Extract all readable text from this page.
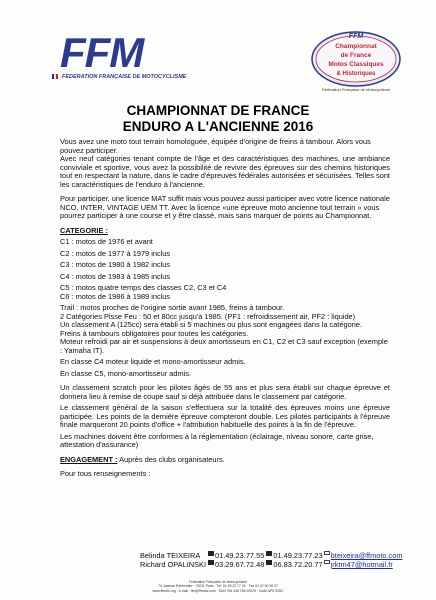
FFM
FEDERATION FRANÇAISE DE MOTOCYCLISME
FFM
Championnat
de France
Motos Classiques
& Historiques
Fédération Française de Motocyclisme
CHAMPIONNAT DE FRANCE
ENDURO A L'ANCIENNE 2016

Vous avez une moto tout terrain homologuée, équipée d'origine de freins à tambour. Alors vous pouvez participer.

Avec neuf catégories tenant compte de l'âge et des caractéristiques des machines, une ambiance conviviale et sportive, vous avez la possibilité de revivre des épreuves sur des chemins historiques tout en respectant la nature, dans le cadre d'épreuves fédérales autorisées et sécurisées. Telles sont les caractéristiques de l'enduro à l'ancienne.

Pour participer, une licence MAT suffit mais vous pouvez aussi participer avec votre licence nationale NCO, INTER, VINTAGE UEM TT. Avec la licence «une épreuve moto ancienne tout terrain » vous pourrez participer à une course et y être classé, mais sans marquer de points au Championnat.

CATEGORIE :

C1 : motos de 1976 et avant

C2 : motos de 1977 à 1979 inclus

C3 : motos de 1980 à 1982 inclus

C4 : motos de 1983 à 1985 inclus

C5 : motos quatre temps des classes C2, C3 et C4

C6 : motos de 1986 à 1989 inclus

Trail : motos proches de l'origine sortie avant 1985, freins à tambour.

2 Catégories Pisse Feu : 50 et 80cc jusqu'à 1985. (PF1 : refroidissement air, PF2 : liquide)

Un classement A (125cc) sera établi si 5 machines ou plus sont engagées dans la catégorie.

Freins à tambours obligatoires pour toutes les catégories.

Moteur refroidi par air et suspensions à deux amortisseurs en C1, C2 et C3 sauf exception (exemple : Yamaha IT).

En classe C4 moteur liquide et mono-amortisseur admis.

En classe C5, mono-amortisseur admis.

Un classement scratch pour les pilotes âgés de 55 ans et plus sera établi sur chaque épreuve et donnera lieu à remise de coupe sauf si déjà attribuée dans le classement par catégorie.

Le classement général de la saison s'effectuera sur la totalité des épreuves moins une épreuve participée. Les points de la dernière épreuve compteront double. Les pilotes participants à l'épreuve finale marqueront 20 points d'office + l'attribution habituelle des points à la fin de l'épreuve.

Les machines doivent être conformes à la réglementation (éclairage, niveau sonore, carte grise, attestation d'assurance)

ENGAGEMENT : Auprès des clubs organisateurs.

Pour tous renseignements :

Belinda TEIXEIRA	01.49.23.77.55 01.49.23.77.23 bteixeira@ffmoto.com
Richard OPALINSKI 03.29.67.72.48 06.83.72.20.77 jrktm47@hotmail.fr
Fédération Française de Motocyclisme
74, Avenue Parmentier · 75011 Paris · Tél. 01 49 23 77 00 · Fax 01 47 00 08 37
www.ffmoto.org · e-mail : ffm@ffmoto.com · Siret 784 448 748 00029 · Code APE 926C
